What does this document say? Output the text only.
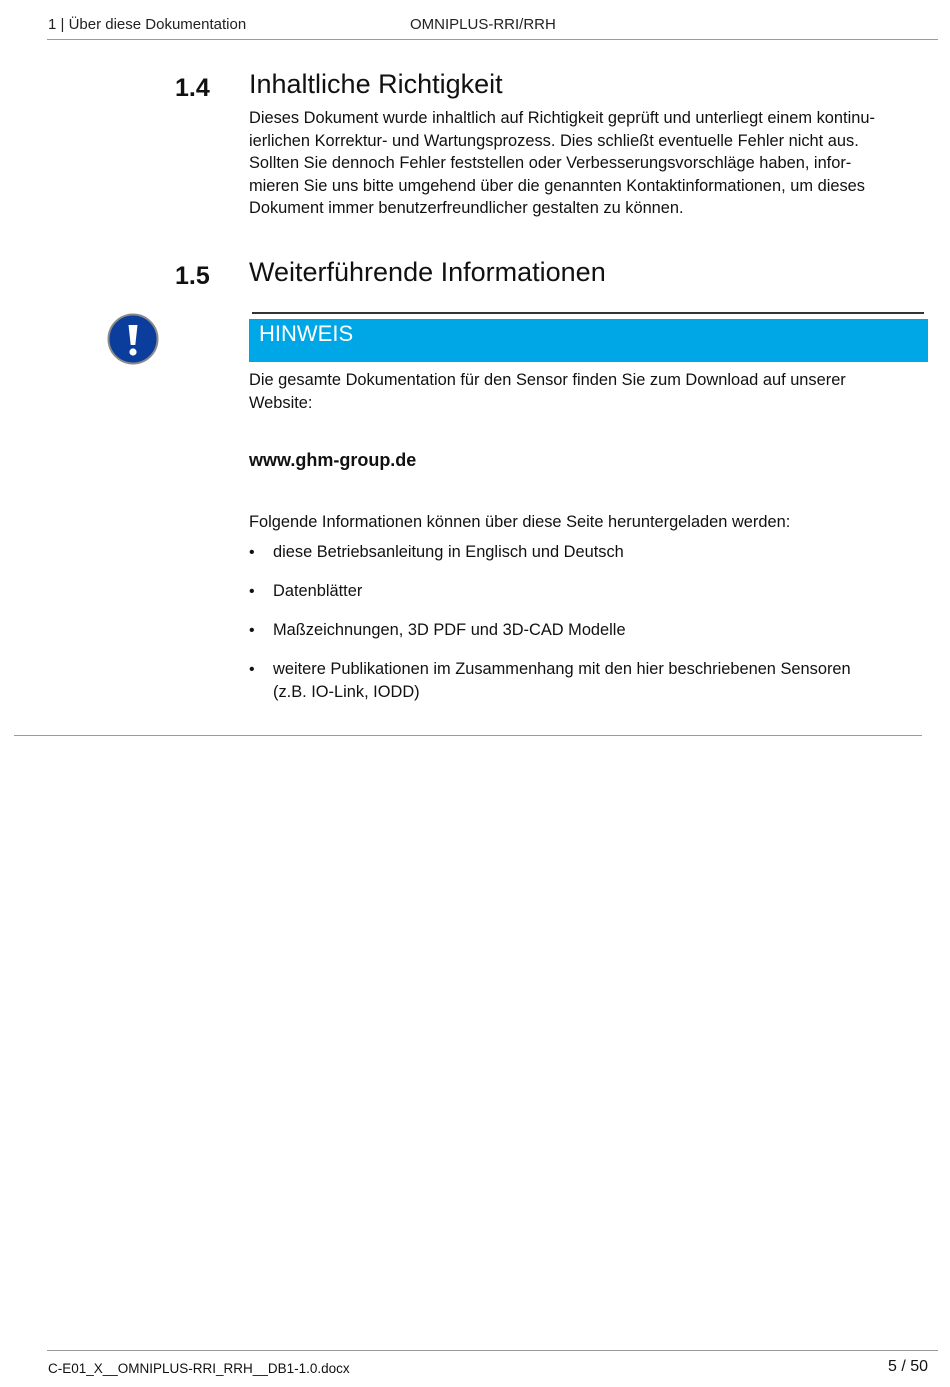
1 | Über diese Dokumentation	OMNIPLUS-RRI/RRH
1.4 Inhaltliche Richtigkeit
Dieses Dokument wurde inhaltlich auf Richtigkeit geprüft und unterliegt einem kontinu-
ierlichen Korrektur- und Wartungsprozess. Dies schließt eventuelle Fehler nicht aus.
Sollten Sie dennoch Fehler feststellen oder Verbesserungsvorschläge haben, infor-
mieren Sie uns bitte umgehend über die genannten Kontaktinformationen, um dieses
Dokument immer benutzerfreundlicher gestalten zu können.
1.5 Weiterführende Informationen
HINWEIS
Die gesamte Dokumentation für den Sensor finden Sie zum Download auf unserer
Website:
www.ghm-group.de
Folgende Informationen können über diese Seite heruntergeladen werden:
• diese Betriebsanleitung in Englisch und Deutsch
• Datenblätter
• Maßzeichnungen, 3D PDF und 3D-CAD Modelle
• weitere Publikationen im Zusammenhang mit den hier beschriebenen Sensoren
(z.B. IO-Link, IODD)
C-E01_X__OMNIPLUS-RRI_RRH__DB1-1.0.docx	5 / 50
